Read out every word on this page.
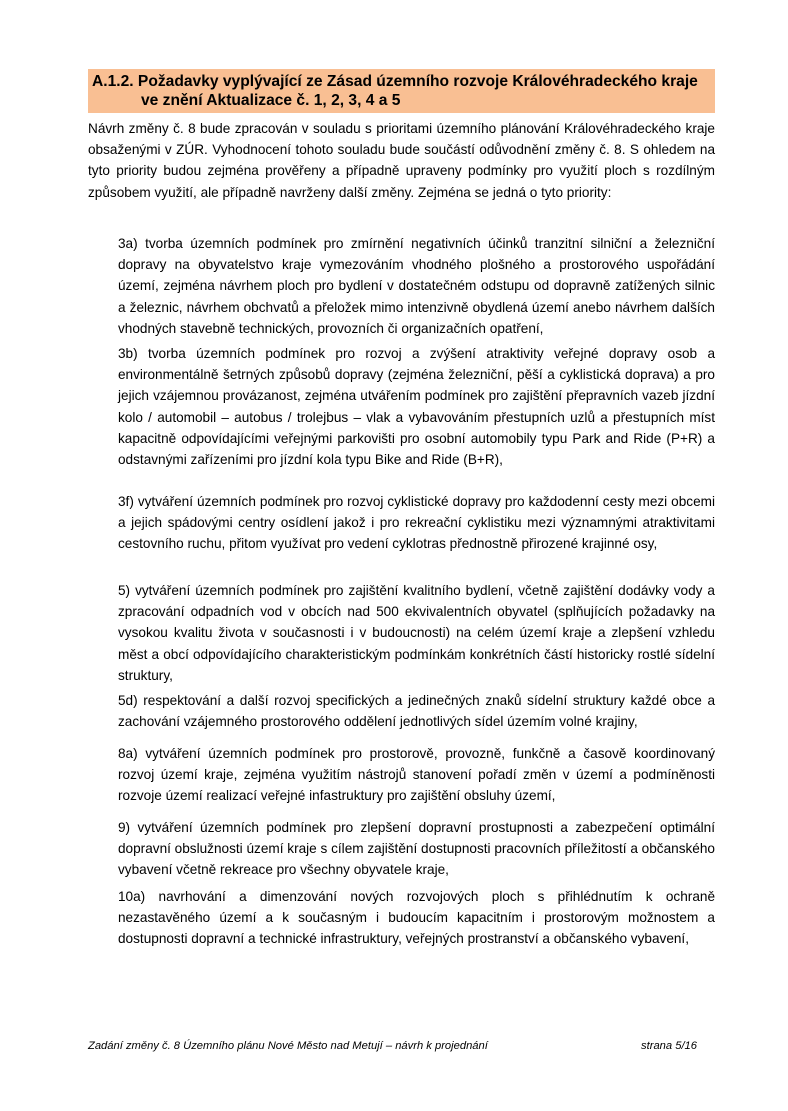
A.1.2. Požadavky vyplývající ze Zásad územního rozvoje Královéhradeckého kraje
ve znění Aktualizace č. 1, 2, 3, 4 a 5
Návrh změny č. 8 bude zpracován v souladu s prioritami územního plánování Královéhradeckého kraje obsaženými v ZÚR. Vyhodnocení tohoto souladu bude součástí odůvodnění změny č. 8. S ohledem na tyto priority budou zejména prověřeny a případně upraveny podmínky pro využití ploch s rozdílným způsobem využití, ale případně navrženy další změny. Zejména se jedná o tyto priority:
3a) tvorba územních podmínek pro zmírnění negativních účinků tranzitní silniční a železniční dopravy na obyvatelstvo kraje vymezováním vhodného plošného a prostorového uspořádání území, zejména návrhem ploch pro bydlení v dostatečném odstupu od dopravně zatížených silnic a železnic, návrhem obchvatů a přeložek mimo intenzivně obydlená území anebo návrhem dalších vhodných stavebně technických, provozních či organizačních opatření,
3b) tvorba územních podmínek pro rozvoj a zvýšení atraktivity veřejné dopravy osob a environmentálně šetrných způsobů dopravy (zejména železniční, pěší a cyklistická doprava) a pro jejich vzájemnou provázanost, zejména utvářením podmínek pro zajištění přepravních vazeb jízdní kolo / automobil – autobus / trolejbus – vlak a vybavováním přestupních uzlů a přestupních míst kapacitně odpovídajícími veřejnými parkovišti pro osobní automobily typu Park and Ride (P+R) a odstavnými zařízeními pro jízdní kola typu Bike and Ride (B+R),
3f) vytváření územních podmínek pro rozvoj cyklistické dopravy pro každodenní cesty mezi obcemi a jejich spádovými centry osídlení jakož i pro rekreační cyklistiku mezi významnými atraktivitami cestovního ruchu, přitom využívat pro vedení cyklotras přednostně přirozené krajinné osy,
5) vytváření územních podmínek pro zajištění kvalitního bydlení, včetně zajištění dodávky vody a zpracování odpadních vod v obcích nad 500 ekvivalentních obyvatel (splňujících požadavky na vysokou kvalitu života v současnosti i v budoucnosti) na celém území kraje a zlepšení vzhledu měst a obcí odpovídajícího charakteristickým podmínkám konkrétních částí historicky rostlé sídelní struktury,
5d) respektování a další rozvoj specifických a jedinečných znaků sídelní struktury každé obce a zachování vzájemného prostorového oddělení jednotlivých sídel územím volné krajiny,
8a) vytváření územních podmínek pro prostorově, provozně, funkčně a časově koordinovaný rozvoj území kraje, zejména využitím nástrojů stanovení pořadí změn v území a podmíněnosti rozvoje území realizací veřejné infastruktury pro zajištění obsluhy území,
9) vytváření územních podmínek pro zlepšení dopravní prostupnosti a zabezpečení optimální dopravní obslužnosti území kraje s cílem zajištění dostupnosti pracovních příležitostí a občanského vybavení včetně rekreace pro všechny obyvatele kraje,
10a) navrhování a dimenzování nových rozvojových ploch s přihlédnutím k ochraně nezastavěného území a k současným i budoucím kapacitním i prostorovým možnostem a dostupnosti dopravní a technické infrastruktury, veřejných prostranství a občanského vybavení,
Zadání změny č. 8 Územního plánu Nové Město nad Metují – návrh k projednání	strana 5/16
